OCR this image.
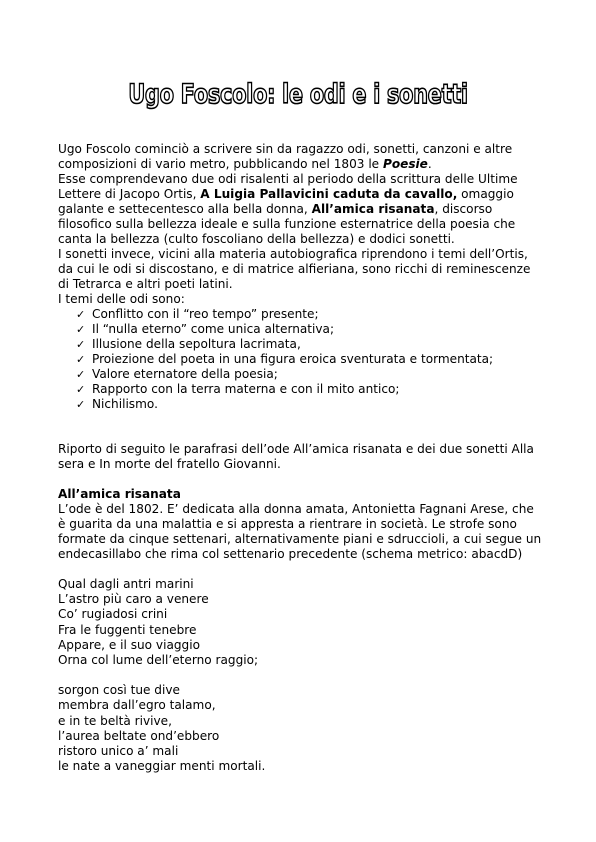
Ugo Foscolo: le odi e i sonetti

Ugo Foscolo cominciò a scrivere sin da ragazzo odi, sonetti, canzoni e altre

composizioni di vario metro, pubblicando nel 1803 le Poesie.

Esse comprendevano due odi risalenti al periodo della scrittura delle Ultime

Lettere di Jacopo Ortis, A Luigia Pallavicini caduta da cavallo, omaggio

galante e settecentesco alla bella donna, All’amica risanata, discorso

filosofico sulla bellezza ideale e sulla funzione esternatrice della poesia che

canta la bellezza (culto foscoliano della bellezza) e dodici sonetti.

I sonetti invece, vicini alla materia autobiografica riprendono i temi dell’Ortis,

da cui le odi si discostano, e di matrice alfieriana, sono ricchi di reminescenze

di Tetrarca e altri poeti latini.

I temi delle odi sono:

✓ Conflitto con il “reo tempo” presente;
✓ Il “nulla eterno” come unica alternativa;
✓ Illusione della sepoltura lacrimata,
✓ Proiezione del poeta in una figura eroica sventurata e tormentata;
✓ Valore eternatore della poesia;
✓ Rapporto con la terra materna e con il mito antico;
✓ Nichilismo.

Riporto di seguito le parafrasi dell’ode All’amica risanata e dei due sonetti Alla

sera e In morte del fratello Giovanni.

All’amica risanata

L’ode è del 1802. E’ dedicata alla donna amata, Antonietta Fagnani Arese, che

è guarita da una malattia e si appresta a rientrare in società. Le strofe sono

formate da cinque settenari, alternativamente piani e sdruccioli, a cui segue un

endecasillabo che rima col settenario precedente (schema metrico: abacdD)

Qual dagli antri marini

L’astro più caro a venere

Co’ rugiadosi crini

Fra le fuggenti tenebre

Appare, e il suo viaggio

Orna col lume dell’eterno raggio;

sorgon così tue dive

membra dall’egro talamo,

e in te beltà rivive,

l’aurea beltate ond’ebbero

ristoro unico a’ mali

le nate a vaneggiar menti mortali.
